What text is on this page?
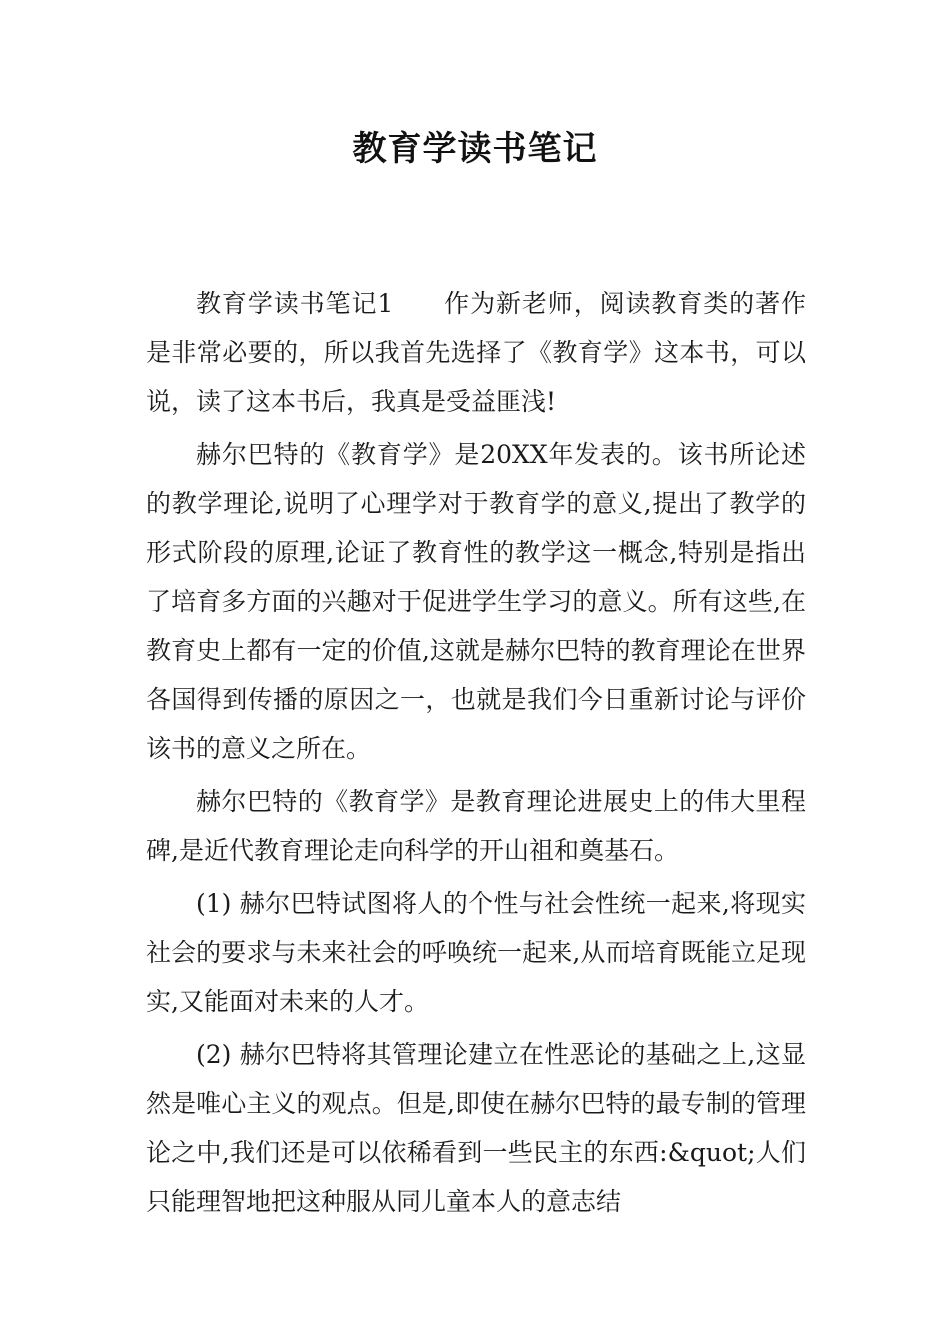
教育学读书笔记

教育学读书笔记1 作为新老师，阅读教育类的著作是非常必要的，所以我首先选择了《教育学》这本书，可以说，读了这本书后，我真是受益匪浅!

赫尔巴特的《教育学》是20XX年发表的。该书所论述的教学理论,说明了心理学对于教育学的意义,提出了教学的形式阶段的原理,论证了教育性的教学这一概念,特别是指出了培育多方面的兴趣对于促进学生学习的意义。所有这些,在教育史上都有一定的价值,这就是赫尔巴特的教育理论在世界各国得到传播的原因之一，也就是我们今日重新讨论与评价该书的意义之所在。

赫尔巴特的《教育学》是教育理论进展史上的伟大里程碑,是近代教育理论走向科学的开山祖和奠基石。

(1) 赫尔巴特试图将人的个性与社会性统一起来,将现实社会的要求与未来社会的呼唤统一起来,从而培育既能立足现实,又能面对未来的人才。

(2) 赫尔巴特将其管理论建立在性恶论的基础之上,这显然是唯心主义的观点。但是,即使在赫尔巴特的最专制的管理论之中,我们还是可以依稀看到一些民主的东西:&quot;人们只能理智地把这种服从同儿童本人的意志结
